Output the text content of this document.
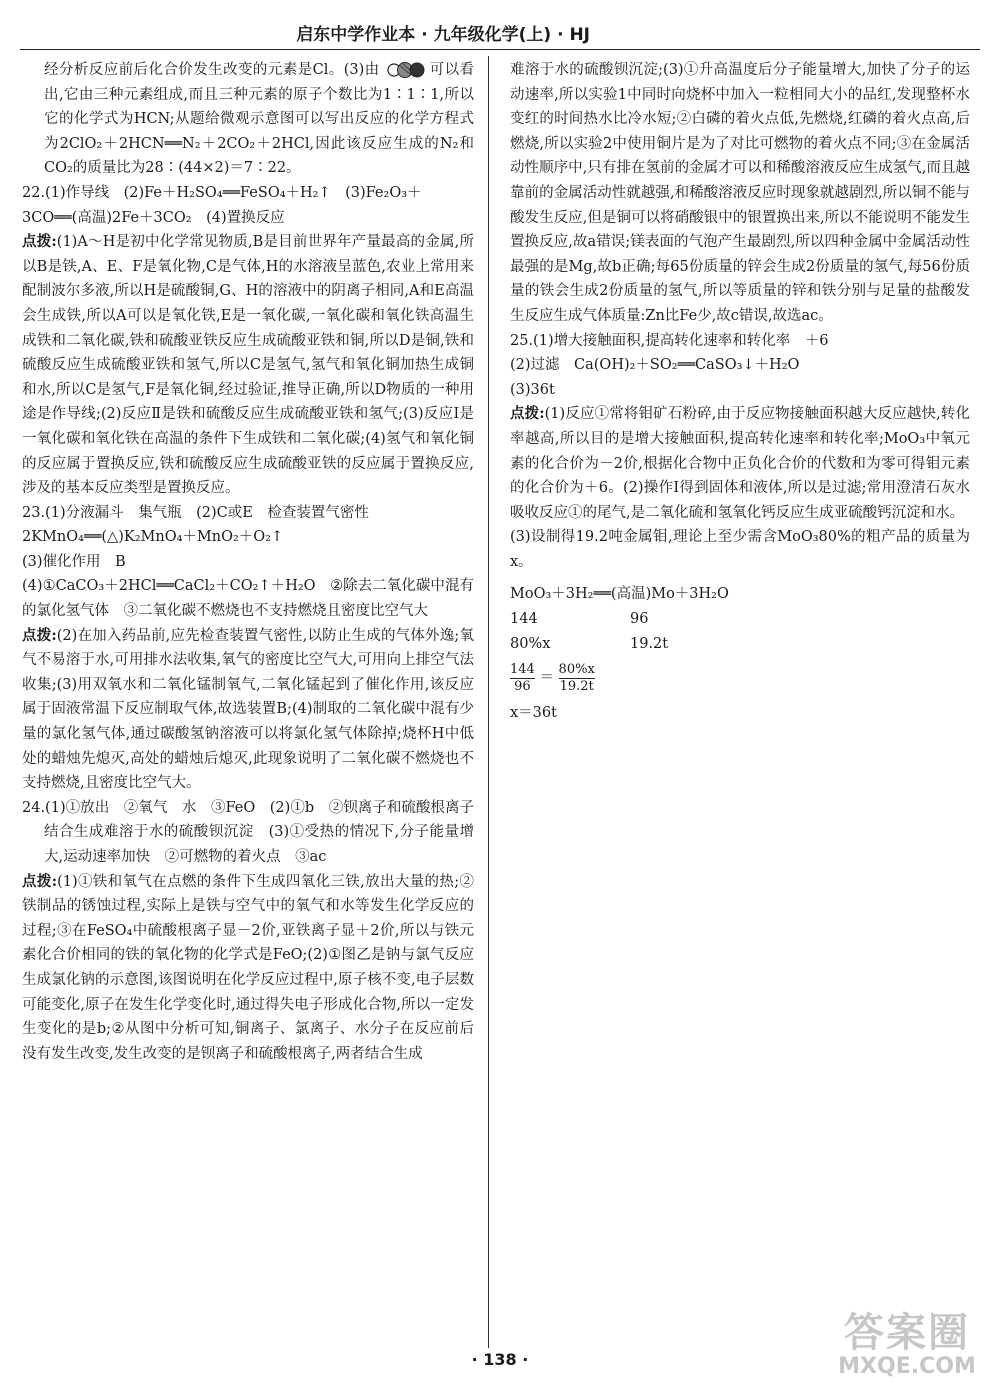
启东中学作业本 · 九年级化学(上) · HJ

经分析反应前后化合价发生改变的元素是Cl。(3)由	可以看出,它由三种元素组成,而且三种元素的原子个数比为1∶1∶1,所以它的化学式为HCN;从题给微观示意图可以写出反应的化学方程式为2ClO₂＋2HCN══N₂＋2CO₂＋2HCl,因此该反应生成的N₂和CO₂的质量比为28∶(44×2)＝7∶22。

22.(1)作导线　(2)Fe＋H₂SO₄══FeSO₄＋H₂↑　(3)Fe₂O₃＋

3CO══(高温)2Fe＋3CO₂　(4)置换反应

点拨:(1)A～H是初中化学常见物质,B是目前世界年产量最高的金属,所以B是铁,A、E、F是氧化物,C是气体,H的水溶液呈蓝色,农业上常用来配制波尔多液,所以H是硫酸铜,G、H的溶液中的阴离子相同,A和E高温会生成铁,所以A可以是氧化铁,E是一氧化碳,一氧化碳和氧化铁高温生成铁和二氧化碳,铁和硫酸亚铁反应生成硫酸亚铁和铜,所以D是铜,铁和硫酸反应生成硫酸亚铁和氢气,所以C是氢气,氢气和氧化铜加热生成铜和水,所以C是氢气,F是氧化铜,经过验证,推导正确,所以D物质的一种用途是作导线;(2)反应Ⅱ是铁和硫酸反应生成硫酸亚铁和氢气;(3)反应Ⅰ是一氧化碳和氧化铁在高温的条件下生成铁和二氧化碳;(4)氢气和氧化铜的反应属于置换反应,铁和硫酸反应生成硫酸亚铁的反应属于置换反应,涉及的基本反应类型是置换反应。

23.(1)分液漏斗　集气瓶　(2)C或E　检查装置气密性

2KMnO₄══(△)K₂MnO₄＋MnO₂＋O₂↑

(3)催化作用　B

(4)①CaCO₃＋2HCl══CaCl₂＋CO₂↑＋H₂O　②除去二氧化碳中混有的氯化氢气体　③二氧化碳不燃烧也不支持燃烧且密度比空气大

点拨:(2)在加入药品前,应先检查装置气密性,以防止生成的气体外逸;氧气不易溶于水,可用排水法收集,氧气的密度比空气大,可用向上排空气法收集;(3)用双氧水和二氧化锰制氧气,二氧化锰起到了催化作用,该反应属于固液常温下反应制取气体,故选装置B;(4)制取的二氧化碳中混有少量的氯化氢气体,通过碳酸氢钠溶液可以将氯化氢气体除掉;烧杯H中低处的蜡烛先熄灭,高处的蜡烛后熄灭,此现象说明了二氧化碳不燃烧也不支持燃烧,且密度比空气大。

24.(1)①放出　②氧气　水　③FeO　(2)①b　②钡离子和硫酸根离子结合生成难溶于水的硫酸钡沉淀　(3)①受热的情况下,分子能量增大,运动速率加快　②可燃物的着火点　③ac

点拨:(1)①铁和氧气在点燃的条件下生成四氧化三铁,放出大量的热;②铁制品的锈蚀过程,实际上是铁与空气中的氧气和水等发生化学反应的过程;③在FeSO₄中硫酸根离子显－2价,亚铁离子显＋2价,所以与铁元素化合价相同的铁的氧化物的化学式是FeO;(2)①图乙是钠与氯气反应生成氯化钠的示意图,该图说明在化学反应过程中,原子核不变,电子层数可能变化,原子在发生化学变化时,通过得失电子形成化合物,所以一定发生变化的是b;②从图中分析可知,铜离子、氯离子、水分子在反应前后没有发生改变,发生改变的是钡离子和硫酸根离子,两者结合生成

难溶于水的硫酸钡沉淀;(3)①升高温度后分子能量增大,加快了分子的运动速率,所以实验1中同时向烧杯中加入一粒相同大小的品红,发现整杯水变红的时间热水比冷水短;②白磷的着火点低,先燃烧,红磷的着火点高,后燃烧,所以实验2中使用铜片是为了对比可燃物的着火点不同;③在金属活动性顺序中,只有排在氢前的金属才可以和稀酸溶液反应生成氢气,而且越靠前的金属活动性就越强,和稀酸溶液反应时现象就越剧烈,所以铜不能与酸发生反应,但是铜可以将硝酸银中的银置换出来,所以不能说明不能发生置换反应,故a错误;镁表面的气泡产生最剧烈,所以四种金属中金属活动性最强的是Mg,故b正确;每65份质量的锌会生成2份质量的氢气,每56份质量的铁会生成2份质量的氢气,所以等质量的锌和铁分别与足量的盐酸发生反应生成气体质量:Zn比Fe少,故c错误,故选ac。

25.(1)增大接触面积,提高转化速率和转化率　＋6

(2)过滤　Ca(OH)₂＋SO₂══CaSO₃↓＋H₂O

(3)36t

点拨:(1)反应①常将钼矿石粉碎,由于反应物接触面积越大反应越快,转化率越高,所以目的是增大接触面积,提高转化速率和转化率;MoO₃中氧元素的化合价为－2价,根据化合物中正负化合价的代数和为零可得钼元素的化合价为＋6。(2)操作Ⅰ得到固体和液体,所以是过滤;常用澄清石灰水吸收反应①的尾气,是二氧化硫和氢氧化钙反应生成亚硫酸钙沉淀和水。

(3)设制得19.2吨金属钼,理论上至少需含MoO₃80%的粗产品的质量为x。

MoO₃＋3H₂══(高温)Mo＋3H₂O

144	96
80%x	19.2t
$\frac{144}{96} = \frac{80\%x}{19.2t}$

x＝36t

· 138 ·
答案圈
MXQE.COM
